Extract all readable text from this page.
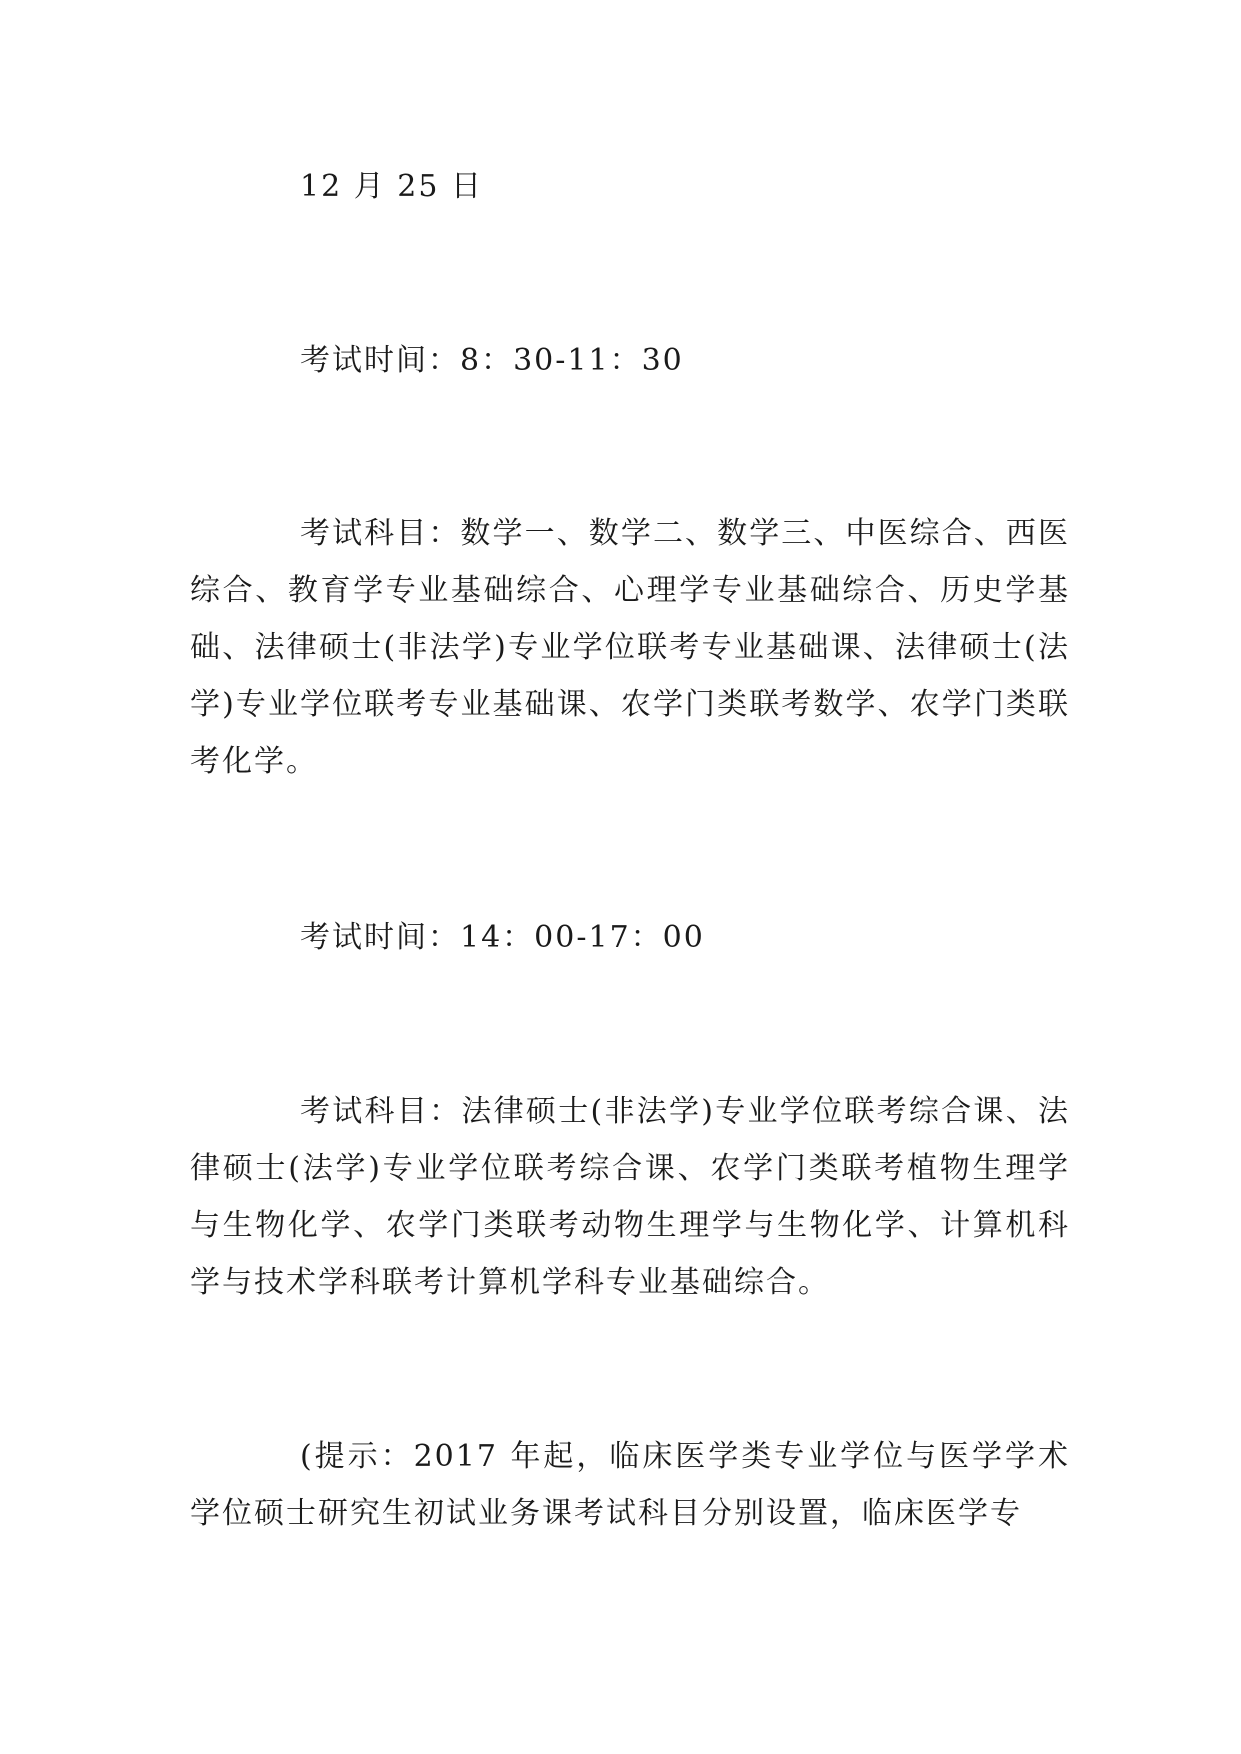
12 月 25 日

考试时间：8：30-11：30

考试科目：数学一、数学二、数学三、中医综合、西医综合、教育学专业基础综合、心理学专业基础综合、历史学基础、法律硕士(非法学)专业学位联考专业基础课、法律硕士(法学)专业学位联考专业基础课、农学门类联考数学、农学门类联考化学。

考试时间：14：00-17：00

考试科目：法律硕士(非法学)专业学位联考综合课、法律硕士(法学)专业学位联考综合课、农学门类联考植物生理学与生物化学、农学门类联考动物生理学与生物化学、计算机科学与技术学科联考计算机学科专业基础综合。

(提示：2017 年起，临床医学类专业学位与医学学术学位硕士研究生初试业务课考试科目分别设置，临床医学专
